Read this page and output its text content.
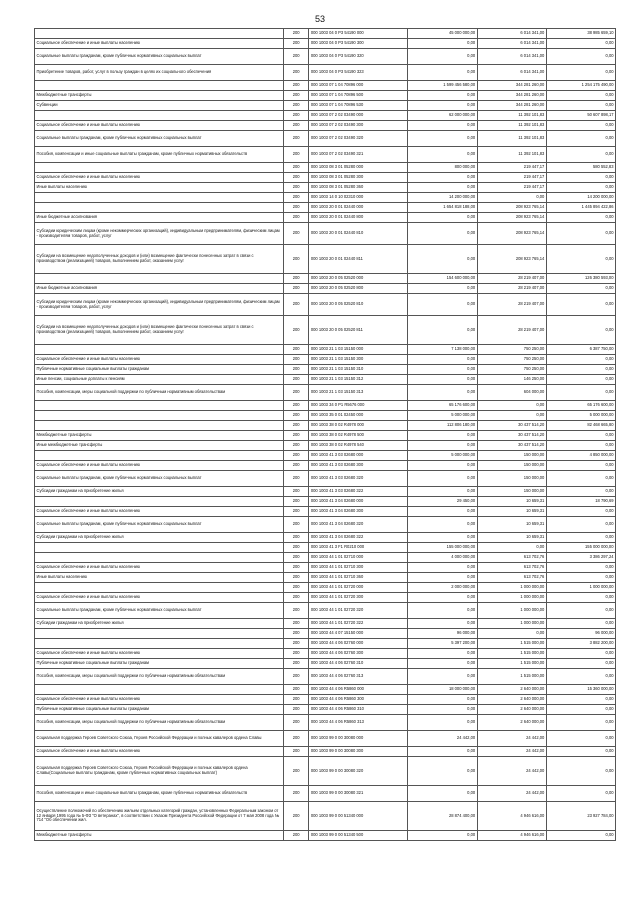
53
	200	000 1003 04 0 P3 54190 000	45 000 000,00	6 014 341,00	38 985 659,10
Социальное обеспечение и иные выплаты населению	200	000 1003 04 0 P3 54190 300	0,00	6 014 341,00	0,00
Социальные выплаты гражданам, кроме публичных нормативных социальных выплат	200	000 1003 04 0 P3 54190 320	0,00	6 014 341,00	0,00
Приобретение товаров, работ, услуг в пользу граждан в целях их социального обеспечения	200	000 1003 04 0 P3 54190 323	0,00	6 014 341,00	0,00
	200	000 1003 07 1 04 70896 000	1 599 456 580,00	344 281 260,00	1 254 175 490,00
Межбюджетные трансферты	200	000 1003 07 1 04 70896 500	0,00	344 281 260,00	0,00
Субвенции	200	000 1003 07 1 04 70896 530	0,00	344 281 260,00	0,00
	200	000 1003 07 2 02 03490 000	62 000 000,00	11 392 101,83	50 607 898,17
Социальное обеспечение и иные выплаты населению	200	000 1003 07 2 02 03490 300	0,00	11 392 101,83	0,00
Социальные выплаты гражданам, кроме публичных нормативных социальных выплат	200	000 1003 07 2 02 03490 320	0,00	11 392 101,83	0,00
Пособия, компенсации и иные социальные выплаты гражданам, кроме публичных нормативных обязательств	200	000 1003 07 2 02 03490 321	0,00	11 392 101,83	0,00
	200	000 1003 08 3 01 05280 000	800 000,00	219 447,17	580 552,83
Социальное обеспечение и иные выплаты населению	200	000 1003 08 3 01 05280 300	0,00	219 447,17	0,00
Иные выплаты населению	200	000 1003 08 3 01 05280 360	0,00	219 447,17	0,00
	200	000 1003 14 0 10 02310 000	14 200 000,00	0,00	14 200 000,00
	200	000 1003 20 0 01 02440 000	1 654 818 188,00	208 923 765,14	1 445 894 422,86
Иные бюджетные ассигнования	200	000 1003 20 0 01 02440 800	0,00	208 923 765,14	0,00
Субсидии юридическим лицам (кроме некоммерческих организаций), индивидуальным предпринимателям, физическим лицам - производителям товаров, работ, услуг	200	000 1003 20 0 01 02440 810	0,00	208 923 765,14	0,00
Субсидии на возмещение недополученных доходов и (или) возмещение фактически понесенных затрат в связи с производством (реализацией) товаров, выполнением работ, оказанием услуг	200	000 1003 20 0 01 02440 811	0,00	208 923 765,14	0,00
	200	000 1003 20 0 05 02520 000	154 600 000,00	28 219 407,00	126 380 593,00
Иные бюджетные ассигнования	200	000 1003 20 0 05 02520 800	0,00	28 219 407,00	0,00
Субсидии юридическим лицам (кроме некоммерческих организаций), индивидуальным предпринимателям, физическим лицам - производителям товаров, работ, услуг	200	000 1003 20 0 05 02520 810	0,00	28 219 407,00	0,00
Субсидии на возмещение недополученных доходов и (или) возмещение фактически понесенных затрат в связи с производством (реализацией) товаров, выполнением работ, оказанием услуг	200	000 1003 20 0 05 02520 811	0,00	28 219 407,00	0,00
	200	000 1003 21 1 03 15150 000	7 138 000,00	750 250,00	6 387 750,00
Социальное обеспечение и иные выплаты населению	200	000 1003 21 1 03 15150 300	0,00	750 250,00	0,00
Публичные нормативные социальные выплаты гражданам	200	000 1003 21 1 03 15150 310	0,00	750 250,00	0,00
Иные пенсии, социальные доплаты к пенсиям	200	000 1003 21 1 03 15150 312	0,00	146 250,00	0,00
Пособия, компенсации, меры социальной поддержки по публичным нормативным обязательствам	200	000 1003 21 1 03 15150 313	0,00	604 000,00	0,00
	200	000 1003 34 0 P1 R5676 000	65 176 600,00	0,00	65 176 600,00
	200	000 1003 35 0 01 02450 000	5 000 000,00	0,00	5 000 000,00
	200	000 1003 38 0 02 R4978 000	112 806 180,00	30 437 514,20	82 468 665,80
Межбюджетные трансферты	200	000 1003 38 0 02 R4978 500	0,00	30 437 514,20	0,00
Иные межбюджетные трансферты	200	000 1003 38 0 02 R4978 540	0,00	30 437 514,20	0,00
	200	000 1003 41 3 03 02680 000	5 000 000,00	150 000,00	4 850 000,00
Социальное обеспечение и иные выплаты населению	200	000 1003 41 3 03 02680 300	0,00	150 000,00	0,00
Социальные выплаты гражданам, кроме публичных нормативных социальных выплат	200	000 1003 41 3 03 02680 320	0,00	150 000,00	0,00
Субсидии гражданам на приобретение жилья	200	000 1003 41 3 03 02680 322	0,00	150 000,00	0,00
	200	000 1003 41 3 04 02680 000	29 450,00	10 659,31	18 790,69
Социальное обеспечение и иные выплаты населению	200	000 1003 41 3 04 02680 300	0,00	10 659,31	0,00
Социальные выплаты гражданам, кроме публичных нормативных социальных выплат	200	000 1003 41 3 04 02680 320	0,00	10 659,31	0,00
Субсидии гражданам на приобретение жилья	200	000 1003 41 3 04 02680 322	0,00	10 659,31	0,00
	200	000 1003 41 3 F1 R0210 000	155 000 000,00	0,00	155 000 000,00
	200	000 1003 44 1 01 02710 000	4 000 000,00	613 702,76	3 386 297,24
Социальное обеспечение и иные выплаты населению	200	000 1003 44 1 01 02710 300	0,00	613 702,76	0,00
Иные выплаты населению	200	000 1003 44 1 01 02710 360	0,00	613 702,76	0,00
	200	000 1003 44 1 01 02720 000	2 000 000,00	1 000 000,00	1 000 000,00
Социальное обеспечение и иные выплаты населению	200	000 1003 44 1 01 02720 300	0,00	1 000 000,00	0,00
Социальные выплаты гражданам, кроме публичных нормативных социальных выплат	200	000 1003 44 1 01 02720 320	0,00	1 000 000,00	0,00
Субсидии гражданам на приобретение жилья	200	000 1003 44 1 01 02720 322	0,00	1 000 000,00	0,00
	200	000 1003 44 4 07 15150 000	96 000,00	0,00	96 000,00
	200	000 1003 44 4 06 02760 000	5 397 200,00	1 515 000,00	3 882 200,00
Социальное обеспечение и иные выплаты населению	200	000 1003 44 4 06 02760 300	0,00	1 515 000,00	0,00
Публичные нормативные социальные выплаты гражданам	200	000 1003 44 4 06 02760 310	0,00	1 515 000,00	0,00
Пособия, компенсации, меры социальной поддержки по публичным нормативным обязательствам	200	000 1003 44 4 06 02760 313	0,00	1 515 000,00	0,00
	200	000 1003 44 4 06 R5860 000	18 000 000,00	2 640 000,00	15 360 000,00
Социальное обеспечение и иные выплаты населению	200	000 1003 44 4 06 R5860 300	0,00	2 640 000,00	0,00
Публичные нормативные социальные выплаты гражданам	200	000 1003 44 4 06 R5860 310	0,00	2 640 000,00	0,00
Пособия, компенсации, меры социальной поддержки по публичным нормативным обязательствам	200	000 1003 44 4 06 R5860 313	0,00	2 640 000,00	0,00
Социальная поддержка Героев Советского Союза, Героев Российской Федерации и полных кавалеров ордена Славы	200	000 1003 99 0 00 30080 000	24 442,00	24 442,00	0,00
Социальное обеспечение и иные выплаты населению	200	000 1003 99 0 00 30080 300	0,00	24 442,00	0,00
Социальная поддержка Героев Советского Союза, Героев Российской Федерации и полных кавалеров ордена Славы(Социальные выплаты гражданам, кроме публичных нормативных социальных выплат)	200	000 1003 99 0 00 30080 320	0,00	24 442,00	0,00
Пособия, компенсации и иные социальные выплаты гражданам, кроме публичных нормативных обязательств	200	000 1003 99 0 00 30080 321	0,00	24 442,00	0,00
Осуществление полномочий по обеспечению жильем отдельных категорий граждан, установленных Федеральным законом от 12 января 1995 года № 5-ФЗ "О ветеранах", в соответствии с Указом Президента Российской Федерации от 7 мая 2008 года № 714 "Об обеспечении жил.	200	000 1003 99 0 00 51340 000	28 874 400,00	4 946 616,00	23 927 784,00
Межбюджетные трансферты	200	000 1003 99 0 00 51340 500	0,00	4 946 616,00	0,00
